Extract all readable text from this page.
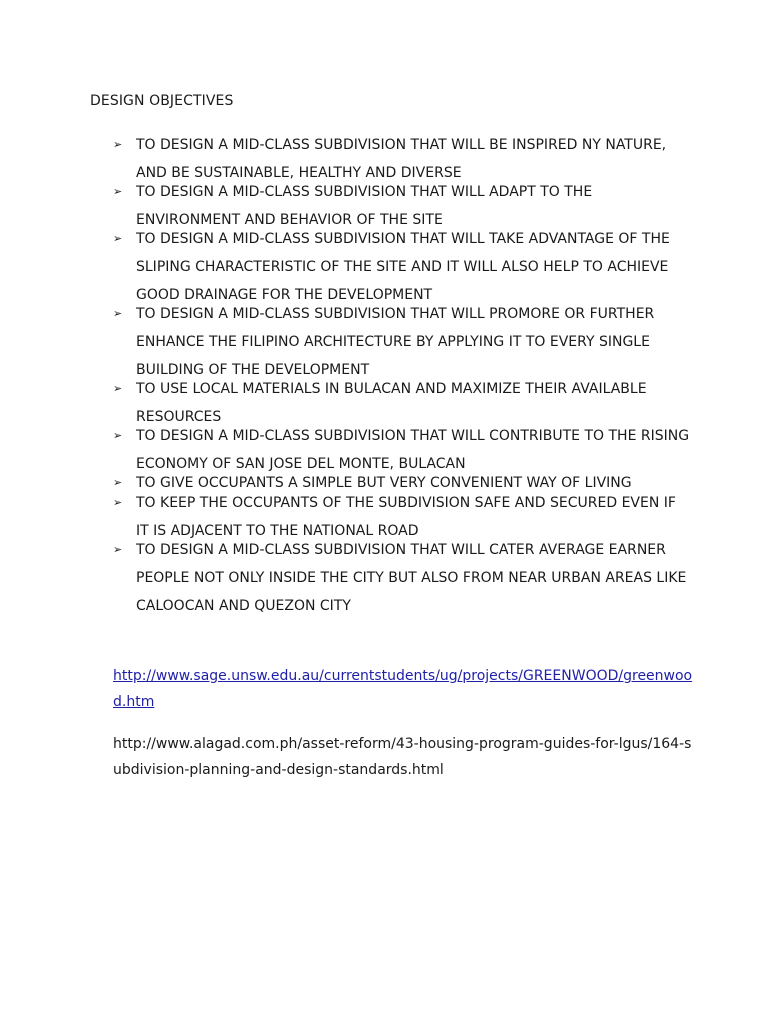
DESIGN OBJECTIVES
➢ TO DESIGN A MID-CLASS SUBDIVISION THAT WILL BE INSPIRED NY NATURE, AND BE SUSTAINABLE, HEALTHY AND DIVERSE
➢ TO DESIGN A MID-CLASS SUBDIVISION THAT WILL ADAPT TO THE ENVIRONMENT AND BEHAVIOR OF THE SITE
➢ TO DESIGN A MID-CLASS SUBDIVISION THAT WILL TAKE ADVANTAGE OF THE SLIPING CHARACTERISTIC OF THE SITE AND IT WILL ALSO HELP TO ACHIEVE GOOD DRAINAGE FOR THE DEVELOPMENT
➢ TO DESIGN A MID-CLASS SUBDIVISION THAT WILL PROMORE OR FURTHER ENHANCE THE FILIPINO ARCHITECTURE BY APPLYING IT TO EVERY SINGLE BUILDING OF THE DEVELOPMENT
➢ TO USE LOCAL MATERIALS IN BULACAN AND MAXIMIZE THEIR AVAILABLE RESOURCES
➢ TO DESIGN A MID-CLASS SUBDIVISION THAT WILL CONTRIBUTE TO THE RISING ECONOMY OF SAN JOSE DEL MONTE, BULACAN
➢ TO GIVE OCCUPANTS A SIMPLE BUT VERY CONVENIENT WAY OF LIVING
➢ TO KEEP THE OCCUPANTS OF THE SUBDIVISION SAFE AND SECURED EVEN IF IT IS ADJACENT TO THE NATIONAL ROAD
➢ TO DESIGN A MID-CLASS SUBDIVISION THAT WILL CATER AVERAGE EARNER PEOPLE NOT ONLY INSIDE THE CITY BUT ALSO FROM NEAR URBAN AREAS LIKE CALOOCAN AND QUEZON CITY
http://www.sage.unsw.edu.au/currentstudents/ug/projects/GREENWOOD/greenwood.htm
http://www.alagad.com.ph/asset-reform/43-housing-program-guides-for-lgus/164-subdivision-planning-and-design-standards.html
